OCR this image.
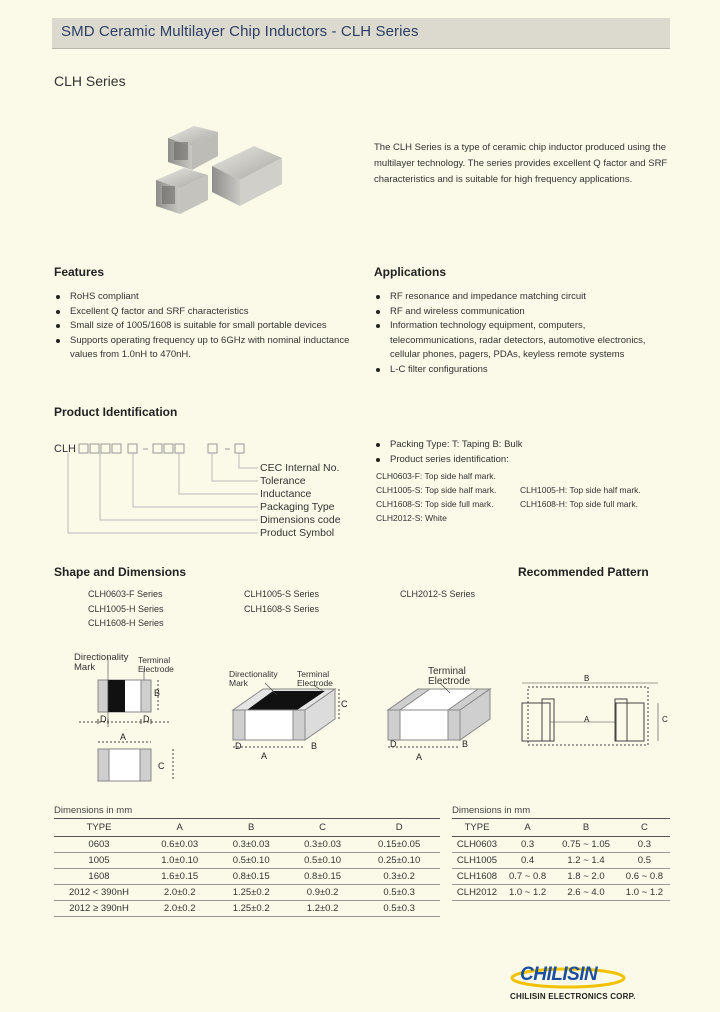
SMD Ceramic Multilayer Chip Inductors - CLH Series
CLH Series
The CLH Series is a type of ceramic chip inductor produced using the multilayer technology. The series provides excellent Q factor and SRF characteristics and is suitable for high frequency applications.
Features
RoHS compliant
Excellent Q factor and SRF characteristics
Small size of 1005/1608 is suitable for small portable devices
Supports operating frequency up to 6GHz with nominal inductance values from 1.0nH to 470nH.
Applications
RF resonance and impedance matching circuit
RF and wireless communication
Information technology equipment, computers, telecommunications, radar detectors, automotive electronics, cellular phones, pagers, PDAs, keyless remote systems
L-C filter configurations
Product Identification
CLH
CEC Internal No.
Tolerance
Inductance
Packaging Type
Dimensions code
Product Symbol
Packing Type: T: Taping B: Bulk
Product series identification:
CLH0603-F: Top side half mark.
CLH1005-S: Top side half mark.	CLH1005-H: Top side half mark.
CLH1608-S: Top side full mark.	CLH1608-H: Top side full mark.
CLH2012-S: White
Shape and Dimensions	Recommended Pattern
CLH0603-F Series
CLH1005-H Series
CLH1608-H Series
CLH1005-S Series
CLH1608-S Series
CLH2012-S Series
Directionality Mark
Terminal Electrode
B
D	D
A
C
Directionality Mark
Terminal Electrode
C
D	B
A
Terminal Electrode
D	B
A
B
A	C
Dimensions in mm
TYPE	A	B	C	D
0603	0.6±0.03	0.3±0.03	0.3±0.03	0.15±0.05
1005	1.0±0.10	0.5±0.10	0.5±0.10	0.25±0.10
1608	1.6±0.15	0.8±0.15	0.8±0.15	0.3±0.2
2012 < 390nH	2.0±0.2	1.25±0.2	0.9±0.2	0.5±0.3
2012 ≥ 390nH	2.0±0.2	1.25±0.2	1.2±0.2	0.5±0.3
Dimensions in mm
TYPE	A	B	C
CLH0603	0.3	0.75 ~ 1.05	0.3
CLH1005	0.4	1.2 ~ 1.4	0.5
CLH1608	0.7 ~ 0.8	1.8 ~ 2.0	0.6 ~ 0.8
CLH2012	1.0 ~ 1.2	2.6 ~ 4.0	1.0 ~ 1.2
CHILISIN
CHILISIN ELECTRONICS CORP.
